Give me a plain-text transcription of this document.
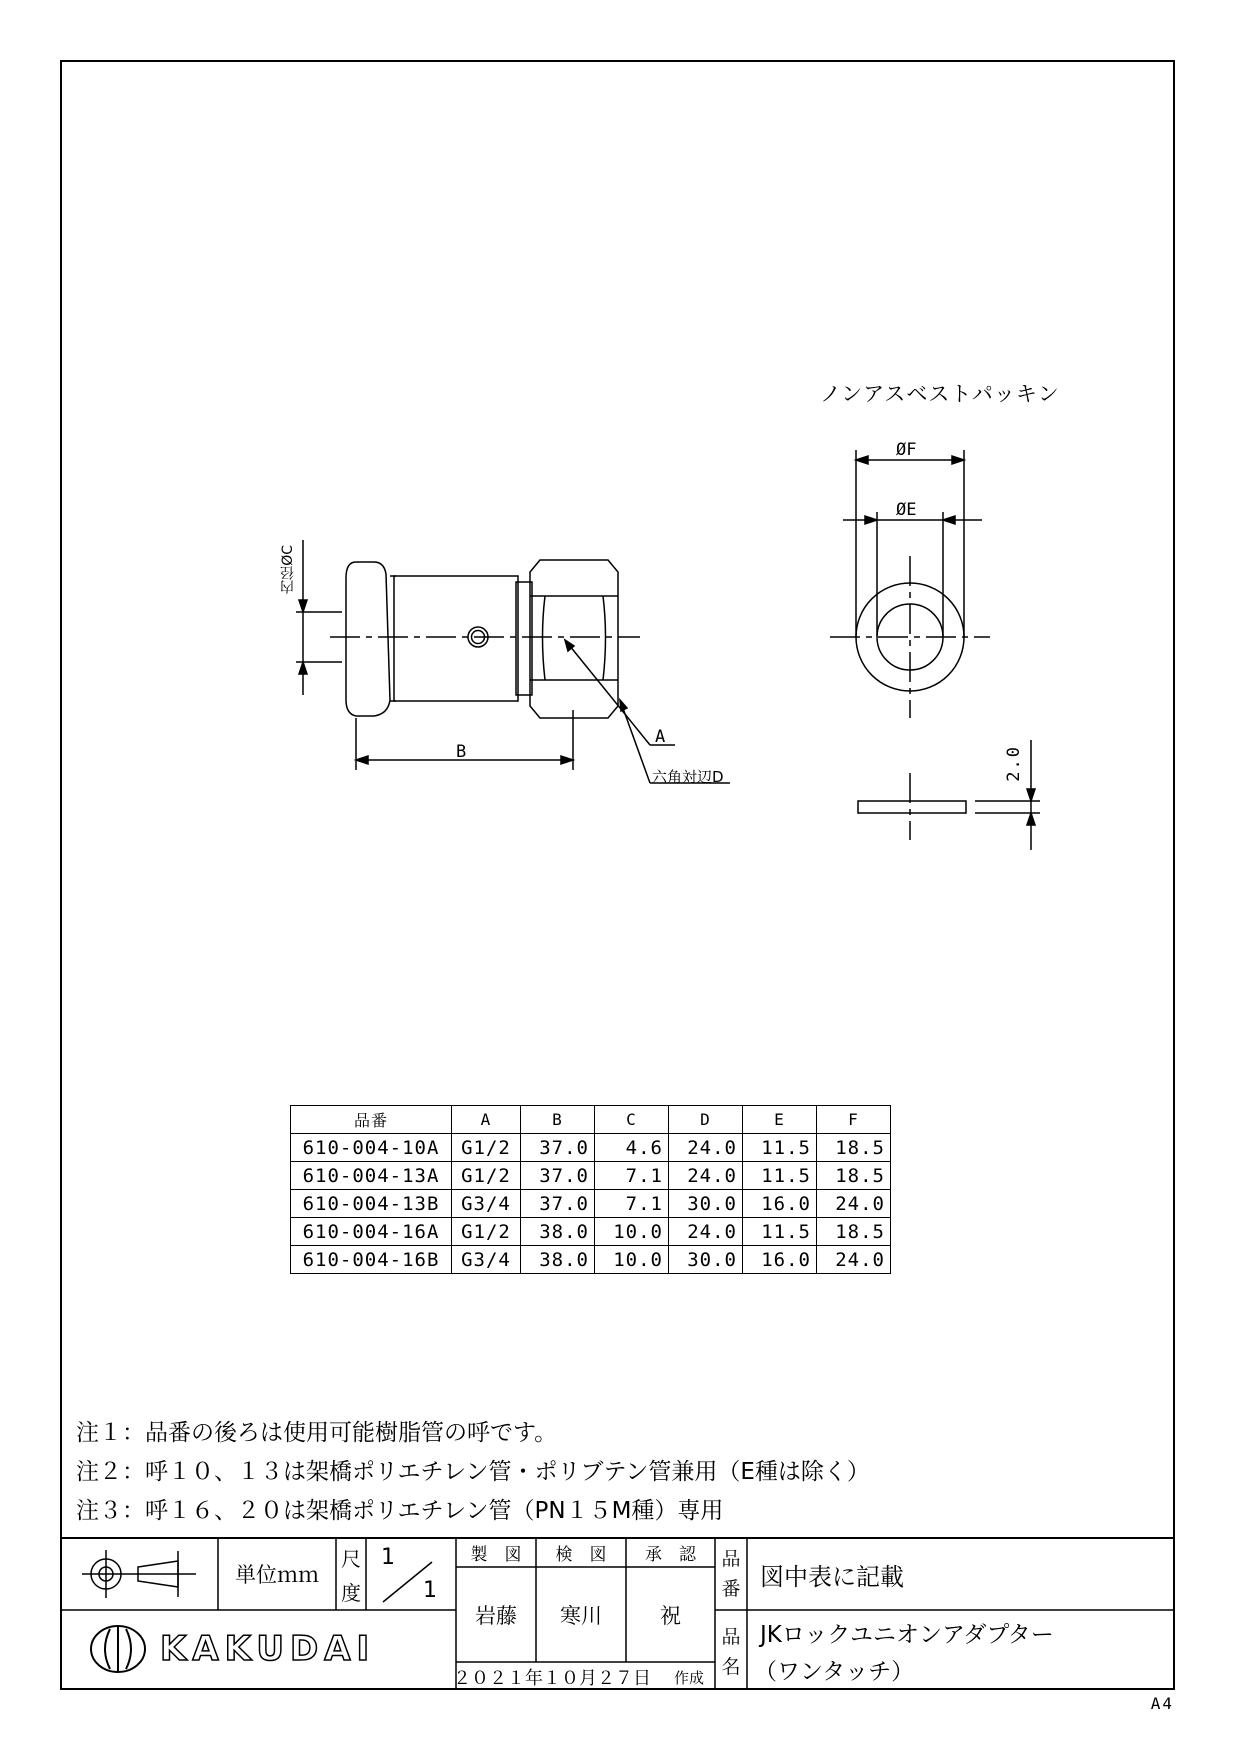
ノンアスベストパッキン
内径ØC
B
A
六角対辺D
ØF
ØE
2.0
品番	A	B	C	D	E	F
610-004-10A	G1/2	37.0	4.6	24.0	11.5	18.5
610-004-13A	G1/2	37.0	7.1	24.0	11.5	18.5
610-004-13B	G3/4	37.0	7.1	30.0	16.0	24.0
610-004-16A	G1/2	38.0	10.0	24.0	11.5	18.5
610-004-16B	G3/4	38.0	10.0	30.0	16.0	24.0
注１：品番の後ろは使用可能樹脂管の呼です。
注２：呼１０、１３は架橋ポリエチレン管・ポリブテン管兼用（E種は除く）
注３：呼１６、２０は架橋ポリエチレン管（PN１５M種）専用
単位ｍｍ
尺
度
1
1
製　図	検　図	承　認
岩藤	寒川	祝
品
番 図中表に記載
品
名
JKロックユニオンアダプター
（ワンタッチ）
２０２１年１０月２７日	作成
KAKUDAI
A4
